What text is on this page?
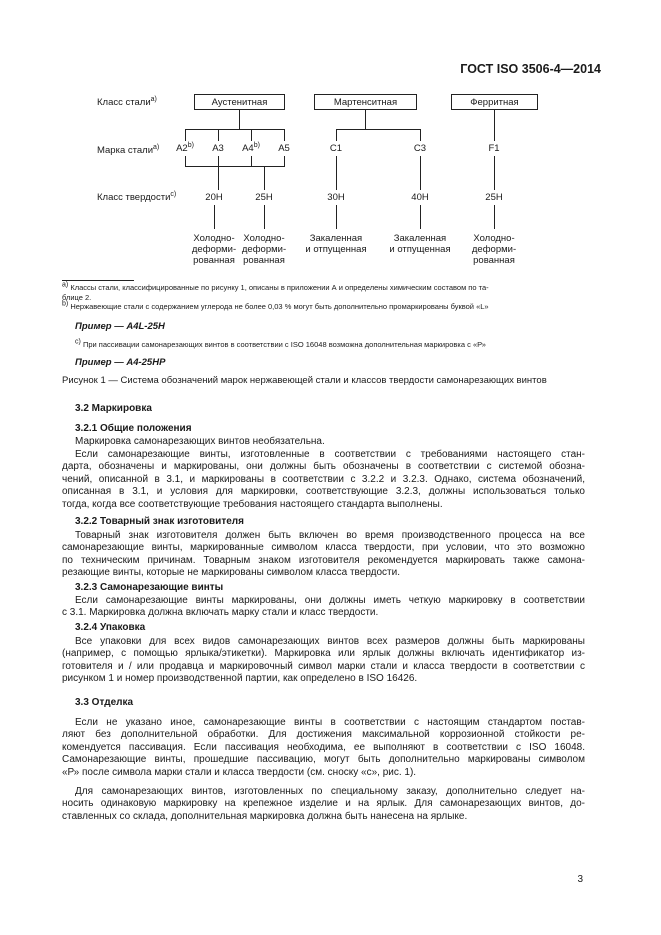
ГОСТ ISO 3506-4—2014
Класс стали$^{a)}$
Марка стали$^{a)}$
Класс твердости$^{c)}$
Аустенитная	Мартенситная	Ферритная
A2$^{b)}$ A3 A4$^{b)}$ A5	C1	C3	F1
20H	25H	30H	40H	25H
Холодно-
деформи-
рованная
Холодно-
деформи-
рованная
Закаленная
и отпущенная
Закаленная
и отпущенная
Холодно-
деформи-
рованная
$^{a)}$ Классы стали, классифицированные по рисунку 1, описаны в приложении А и определены химическим составом по та-
блице 2.
$^{b)}$ Нержавеющие стали с содержанием углерода не более 0,03 % могут быть дополнительно промаркированы буквой «L»
Пример — A4L-25H
$^{c)}$ При пассивации самонарезающих винтов в соответствии с ISO 16048 возможна дополнительная маркировка с «Р»
Пример — A4-25HP
Рисунок 1 — Система обозначений марок нержавеющей стали и классов твердости самонарезающих винтов
3.2 Маркировка
3.2.1 Общие положения
Маркировка самонарезающих винтов необязательна.
Если самонарезающие винты, изготовленные в соответствии с требованиями настоящего стан-
дарта, обозначены и маркированы, они должны быть обозначены в соответствии с системой обозна-
чений, описанной в 3.1, и маркированы в соответствии с 3.2.2 и 3.2.3. Однако, система обозначений,
описанная в 3.1, и условия для маркировки, соответствующие 3.2.3, должны использоваться только
тогда, когда все соответствующие требования настоящего стандарта выполнены.
3.2.2 Товарный знак изготовителя
Товарный знак изготовителя должен быть включен во время производственного процесса на все
самонарезающие винты, маркированные символом класса твердости, при условии, что это возможно
по техническим причинам. Товарным знаком изготовителя рекомендуется маркировать также самона-
резающие винты, которые не маркированы символом класса твердости.
3.2.3 Самонарезающие винты
Если самонарезающие винты маркированы, они должны иметь четкую маркировку в соответствии
с 3.1. Маркировка должна включать марку стали и класс твердости.
3.2.4 Упаковка
Все упаковки для всех видов самонарезающих винтов всех размеров должны быть маркированы
(например, с помощью ярлыка/этикетки). Маркировка или ярлык должны включать идентификатор из-
готовителя и / или продавца и маркировочный символ марки стали и класса твердости в соответствии с
рисунком 1 и номер производственной партии, как определено в ISO 16426.
3.3 Отделка
Если не указано иное, самонарезающие винты в соответствии с настоящим стандартом постав-
ляют без дополнительной обработки. Для достижения максимальной коррозионной стойкости ре-
комендуется пассивация. Если пассивация необходима, ее выполняют в соответствии с ISO 16048.
Самонарезающие винты, прошедшие пассивацию, могут быть дополнительно маркированы символом
«Р» после символа марки стали и класса твердости (см. сноску «с», рис. 1).
Для самонарезающих винтов, изготовленных по специальному заказу, дополнительно следует на-
носить одинаковую маркировку на крепежное изделие и на ярлык. Для самонарезающих винтов, до-
ставленных со склада, дополнительная маркировка должна быть нанесена на ярлыке.
3
